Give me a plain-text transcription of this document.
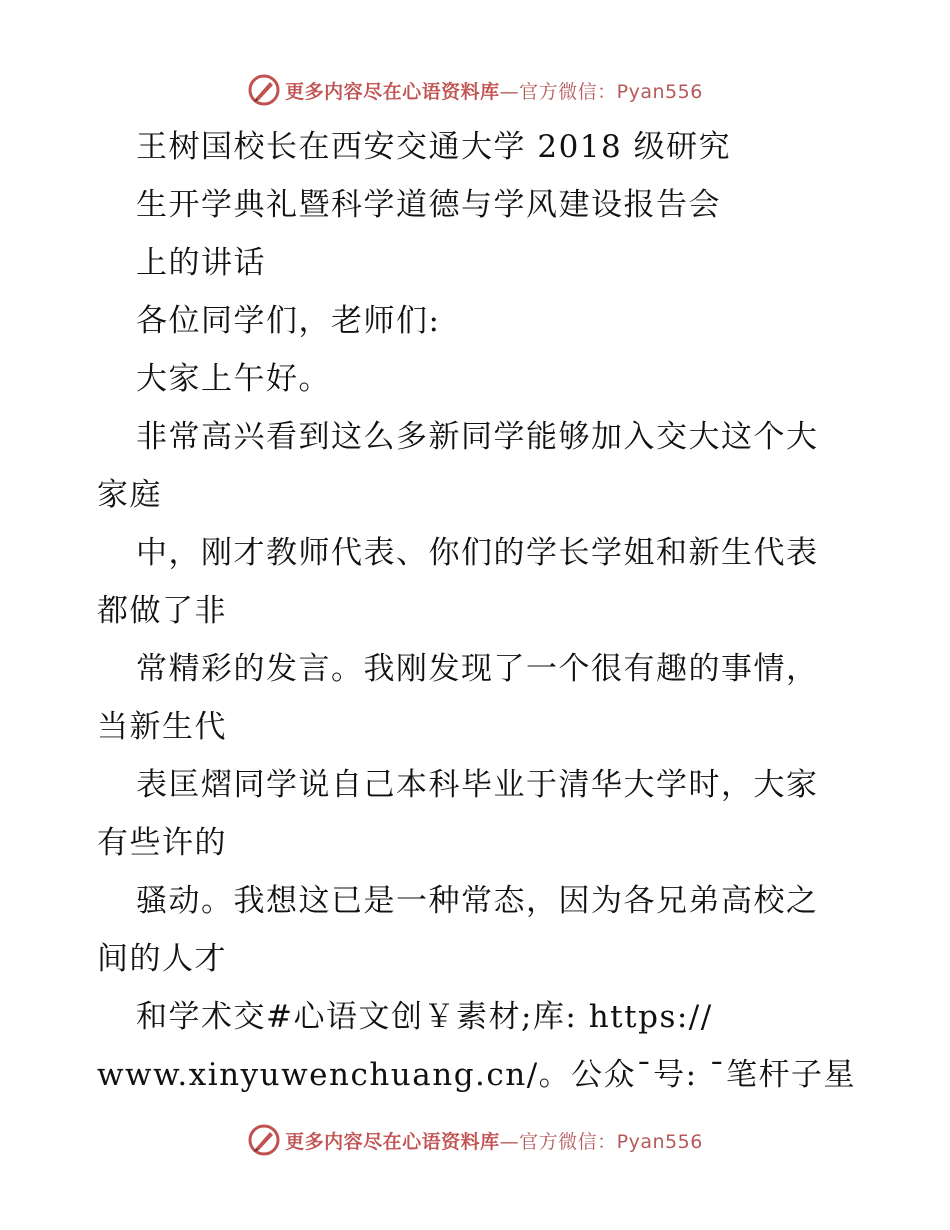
更多内容尽在心语资料库—官方微信：Pyan556
王树国校长在西安交通大学 2018 级研究
生开学典礼暨科学道德与学风建设报告会
上的讲话
各位同学们，老师们:
大家上午好。
非常高兴看到这么多新同学能够加入交大这个大
家庭
中，刚才教师代表、你们的学长学姐和新生代表
都做了非
常精彩的发言。我刚发现了一个很有趣的事情，
当新生代
表匡熠同学说自己本科毕业于清华大学时，大家
有些许的
骚动。我想这已是一种常态，因为各兄弟高校之
间的人才
和学术交#心语文创￥素材;库: https://
www.xinyuwenchuang.cn/。公众¯号: ¯笔杆子星
更多内容尽在心语资料库—官方微信：Pyan556
